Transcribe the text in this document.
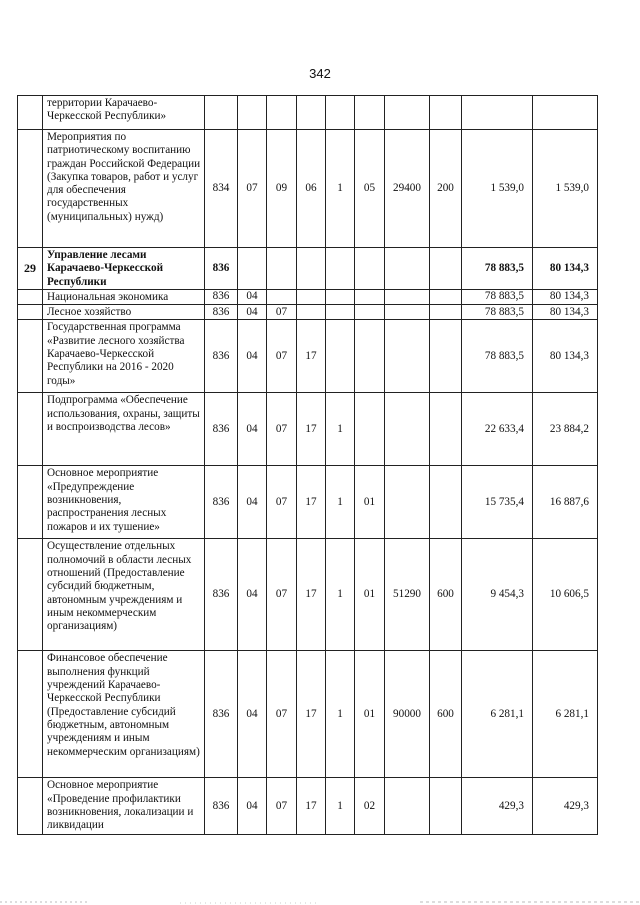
342
	территории Карачаево-Черкесской Республики»										
	Мероприятия по патриотическому воспитанию граждан Российской Федерации (Закупка товаров, работ и услуг для обеспечения государственных (муниципальных) нужд)	834	07	09	06	1	05	29400	200	1 539,0	1 539,0
29	Управление лесами Карачаево-Черкесской Республики	836								78 883,5	80 134,3
	Национальная экономика	836	04							78 883,5	80 134,3
	Лесное хозяйство	836	04	07						78 883,5	80 134,3
	Государственная программа «Развитие лесного хозяйства Карачаево-Черкесской Республики на 2016 - 2020 годы»	836	04	07	17					78 883,5	80 134,3
	Подпрограмма «Обеспечение использования, охраны, защиты и воспроизводства лесов»	836	04	07	17	1				22 633,4	23 884,2
	Основное мероприятие «Предупреждение возникновения, распространения лесных пожаров и их тушение»	836	04	07	17	1	01			15 735,4	16 887,6
	Осуществление отдельных полномочий в области лесных отношений (Предоставление субсидий бюджетным, автономным учреждениям и иным некоммерческим организациям)	836	04	07	17	1	01	51290	600	9 454,3	10 606,5
	Финансовое обеспечение выполнения функций учреждений Карачаево-Черкесской Республики (Предоставление субсидий бюджетным, автономным учреждениям и иным некоммерческим организациям)	836	04	07	17	1	01	90000	600	6 281,1	6 281,1
	Основное мероприятие «Проведение профилактики возникновения, локализации и ликвидации	836	04	07	17	1	02			429,3	429,3
